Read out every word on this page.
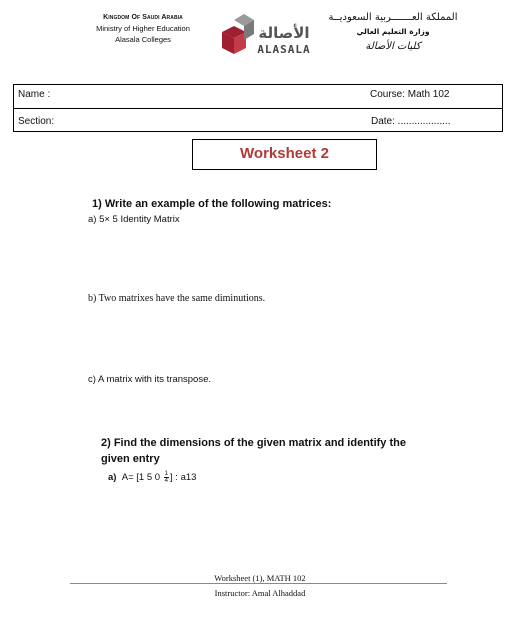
Kingdom Of Saudi Arabia
Ministry of Higher Education
Alasala Colleges	الأصالة
ALASALA
المملكة العـــــــربية السعوديــة
وزارة التعليم العالي
كليات الأصالة
Name :	Course: Math 102
Section:	Date: ...................
Worksheet 2
1) Write an example of the following matrices:
a) 5× 5 Identity Matrix
b) Two matrixes have the same diminutions.
c) A matrix with its transpose.
2) Find the dimensions of the given matrix and identify the
given entry
a) A= [1 5 $0 \frac{1}{4}$ ] : a13
Worksheet (1), MATH 102
Instructor: Amal Alhaddad
